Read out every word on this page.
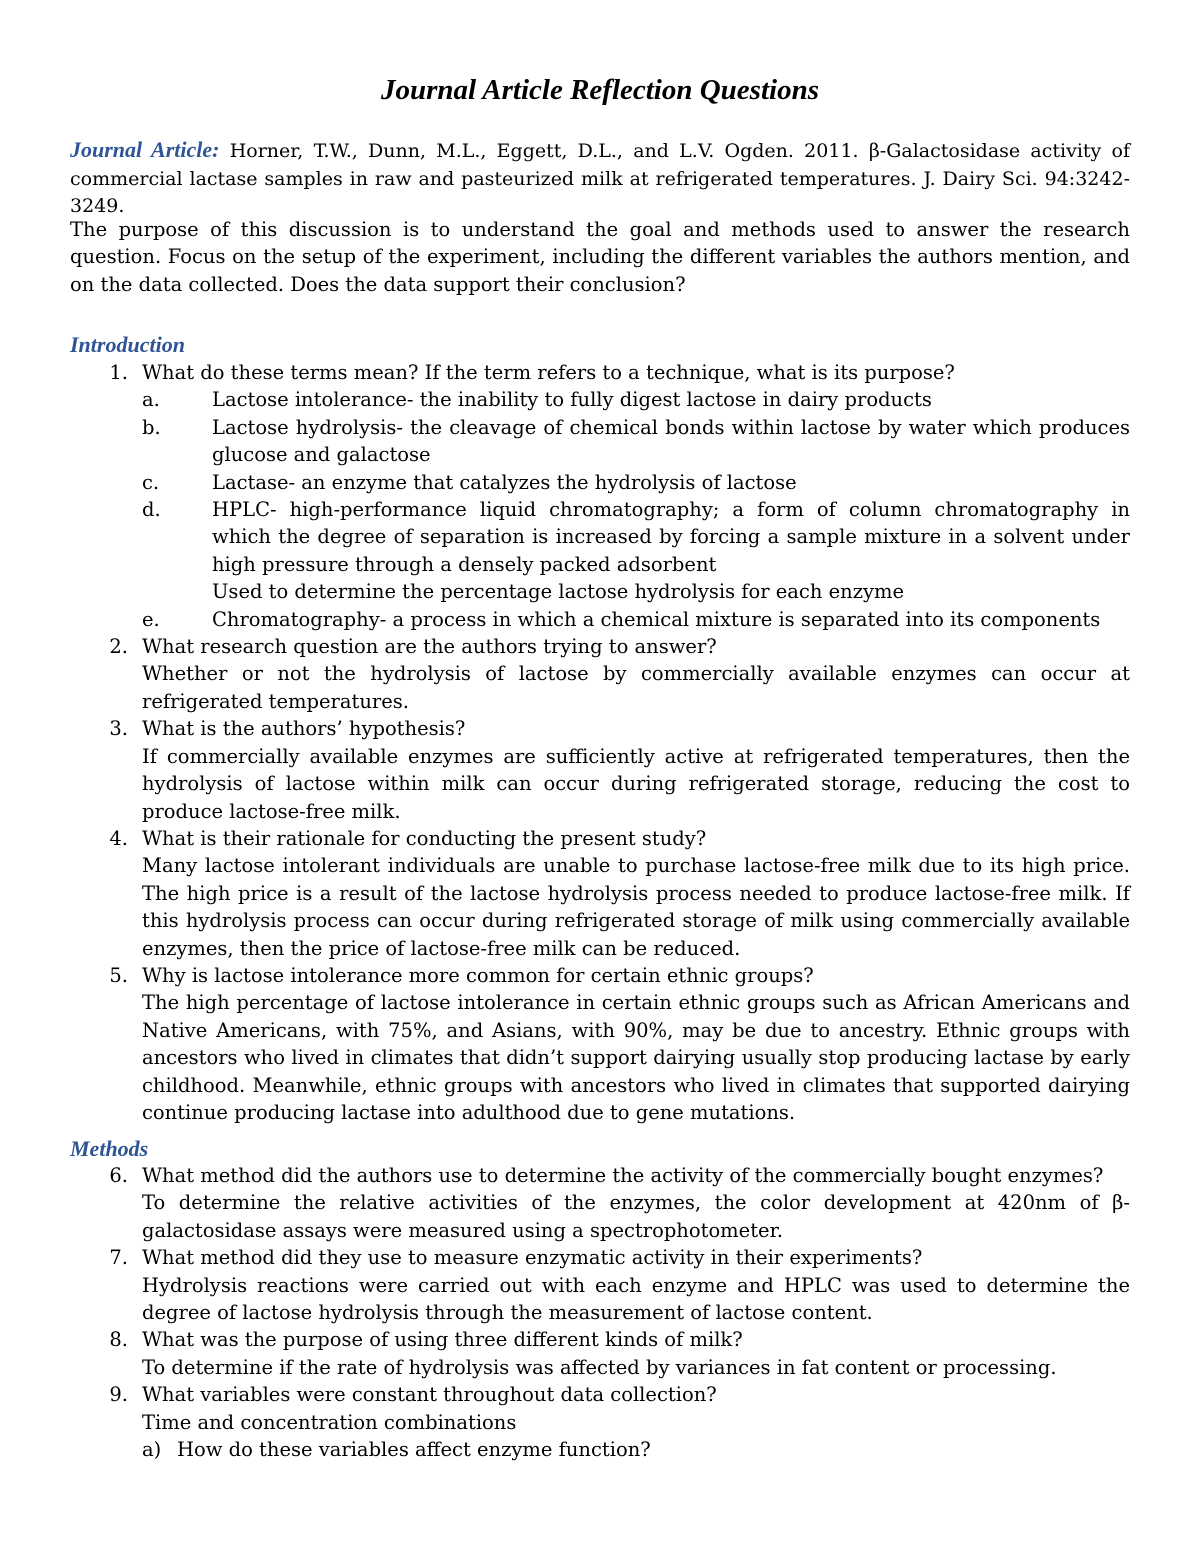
Journal Article Reflection Questions
Journal Article: Horner, T.W., Dunn, M.L., Eggett, D.L., and L.V. Ogden. 2011. β-Galactosidase activity of commercial lactase samples in raw and pasteurized milk at refrigerated temperatures. J. Dairy Sci. 94:3242-3249.
The purpose of this discussion is to understand the goal and methods used to answer the research question. Focus on the setup of the experiment, including the different variables the authors mention, and on the data collected. Does the data support their conclusion?
Introduction
1. What do these terms mean? If the term refers to a technique, what is its purpose?
a.	Lactose intolerance- the inability to fully digest lactose in dairy products
b.	Lactose hydrolysis- the cleavage of chemical bonds within lactose by water which produces glucose and galactose
c.	Lactase- an enzyme that catalyzes the hydrolysis of lactose
d.	HPLC- high-performance liquid chromatography; a form of column chromatography in which the degree of separation is increased by forcing a sample mixture in a solvent under high pressure through a densely packed adsorbent
Used to determine the percentage lactose hydrolysis for each enzyme
e.	Chromatography- a process in which a chemical mixture is separated into its components
2. What research question are the authors trying to answer?
Whether or not the hydrolysis of lactose by commercially available enzymes can occur at refrigerated temperatures.
3. What is the authors’ hypothesis?
If commercially available enzymes are sufficiently active at refrigerated temperatures, then the hydrolysis of lactose within milk can occur during refrigerated storage, reducing the cost to produce lactose-free milk.
4. What is their rationale for conducting the present study?
Many lactose intolerant individuals are unable to purchase lactose-free milk due to its high price. The high price is a result of the lactose hydrolysis process needed to produce lactose-free milk. If this hydrolysis process can occur during refrigerated storage of milk using commercially available enzymes, then the price of lactose-free milk can be reduced.
5. Why is lactose intolerance more common for certain ethnic groups?
The high percentage of lactose intolerance in certain ethnic groups such as African Americans and Native Americans, with 75%, and Asians, with 90%, may be due to ancestry. Ethnic groups with ancestors who lived in climates that didn’t support dairying usually stop producing lactase by early childhood. Meanwhile, ethnic groups with ancestors who lived in climates that supported dairying continue producing lactase into adulthood due to gene mutations.
Methods
6. What method did the authors use to determine the activity of the commercially bought enzymes?
To determine the relative activities of the enzymes, the color development at 420nm of β-galactosidase assays were measured using a spectrophotometer.
7. What method did they use to measure enzymatic activity in their experiments?
Hydrolysis reactions were carried out with each enzyme and HPLC was used to determine the degree of lactose hydrolysis through the measurement of lactose content.
8. What was the purpose of using three different kinds of milk?
To determine if the rate of hydrolysis was affected by variances in fat content or processing.
9. What variables were constant throughout data collection?
Time and concentration combinations
a) How do these variables affect enzyme function?
